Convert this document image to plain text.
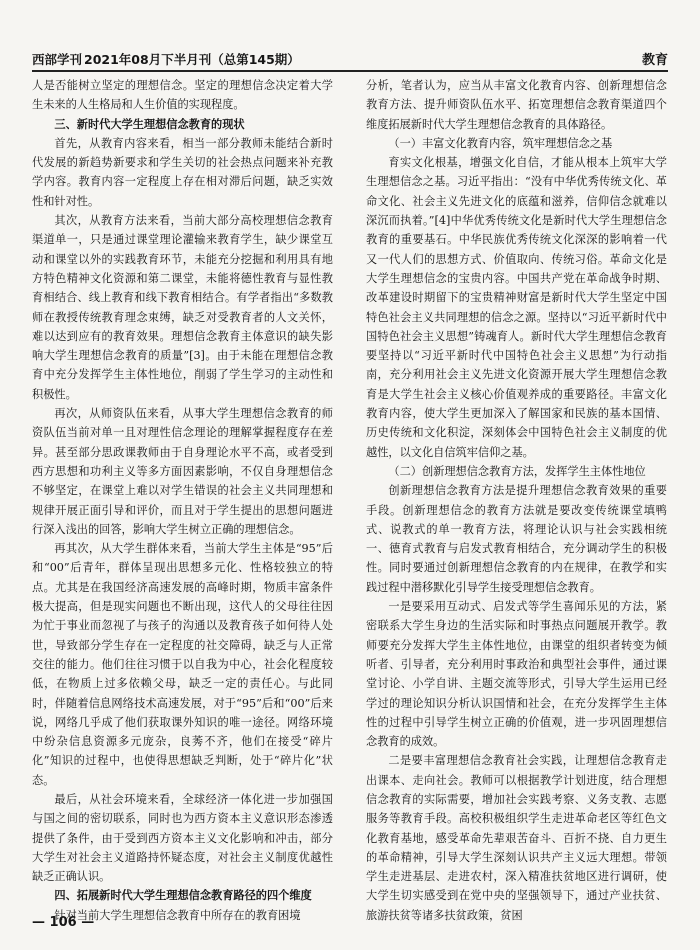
西部学刊 2021年08月下半月刊（总第145期）	教育

人是否能树立坚定的理想信念。坚定的理想信念决定着大学生未来的人生格局和人生价值的实现程度。

三、新时代大学生理想信念教育的现状

首先，从教育内容来看，相当一部分教师未能结合新时代发展的新趋势新要求和学生关切的社会热点问题来补充教学内容。教育内容一定程度上存在相对滞后问题，缺乏实效性和针对性。

其次，从教育方法来看，当前大部分高校理想信念教育渠道单一，只是通过课堂理论灌输来教育学生，缺少课堂互动和课堂以外的实践教育环节，未能充分挖掘和利用具有地方特色精神文化资源和第二课堂，未能将德性教育与显性教育相结合、线上教育和线下教育相结合。有学者指出“多数教师在教授传统教育理念束缚，缺乏对受教育者的人文关怀，难以达到应有的教育效果。理想信念教育主体意识的缺失影响大学生理想信念教育的质量”[3]。由于未能在理想信念教育中充分发挥学生主体性地位，削弱了学生学习的主动性和积极性。

再次，从师资队伍来看，从事大学生理想信念教育的师资队伍当前对单一且对理性信念理论的理解掌握程度存在差异。甚至部分思政课教师由于自身理论水平不高，或者受到西方思想和功利主义等多方面因素影响，不仅自身理想信念不够坚定，在课堂上难以对学生错误的社会主义共同理想和规律开展正面引导和评价，而且对于学生提出的思想问题进行深入浅出的回答，影响大学生树立正确的理想信念。

再其次，从大学生群体来看，当前大学生主体是“95”后和“00”后青年，群体呈现出思想多元化、性格较独立的特点。尤其是在我国经济高速发展的高峰时期，物质丰富条件极大提高，但是现实问题也不断出现，这代人的父母往往因为忙于事业而忽视了与孩子的沟通以及教育孩子如何待人处世，导致部分学生存在一定程度的社交障碍，缺乏与人正常交往的能力。他们往往习惯于以自我为中心，社会化程度较低，在物质上过多依赖父母，缺乏一定的责任心。与此同时，伴随着信息网络技术高速发展，对于“95”后和“00”后来说，网络几乎成了他们获取课外知识的唯一途径。网络环境中纷杂信息资源多元庞杂，良莠不齐，他们在接受“碎片化”知识的过程中，也使得思想缺乏判断，处于“碎片化”状态。

最后，从社会环境来看，全球经济一体化进一步加强国与国之间的密切联系，同时也为西方资本主义意识形态渗透提供了条件，由于受到西方资本主义文化影响和冲击，部分大学生对社会主义道路持怀疑态度，对社会主义制度优越性缺乏正确认识。

四、拓展新时代大学生理想信念教育路径的四个维度

针对当前大学生理想信念教育中所存在的教育困境

分析，笔者认为，应当从丰富文化教育内容、创新理想信念教育方法、提升师资队伍水平、拓宽理想信念教育渠道四个维度拓展新时代大学生理想信念教育的具体路径。

（一）丰富文化教育内容，筑牢理想信念之基

育实文化根基，增强文化自信，才能从根本上筑牢大学生理想信念之基。习近平指出：“没有中华优秀传统文化、革命文化、社会主义先进文化的底蕴和滋养，信仰信念就难以深沉而执着。”[4]中华优秀传统文化是新时代大学生理想信念教育的重要基石。中华民族优秀传统文化深深的影响着一代又一代人们的思想方式、价值取向、传统习俗。革命文化是大学生理想信念的宝贵内容。中国共产党在革命战争时期、改革建设时期留下的宝贵精神财富是新时代大学生坚定中国特色社会主义共同理想的信念之源。坚持以“习近平新时代中国特色社会主义思想”铸魂育人。新时代大学生理想信念教育要坚持以“习近平新时代中国特色社会主义思想”为行动指南，充分利用社会主义先进文化资源开展大学生理想信念教育是大学生社会主义核心价值观养成的重要路径。丰富文化教育内容，使大学生更加深入了解国家和民族的基本国情、历史传统和文化积淀，深刻体会中国特色社会主义制度的优越性，以文化自信筑牢信仰之基。

（二）创新理想信念教育方法，发挥学生主体性地位

创新理想信念教育方法是提升理想信念教育效果的重要手段。创新理想信念的教育方法就是要改变传统课堂填鸭式、说教式的单一教育方法，将理论认识与社会实践相统一、德育式教育与启发式教育相结合，充分调动学生的积极性。同时要通过创新理想信念教育的内在规律，在教学和实践过程中潜移默化引导学生接受理想信念教育。

一是要采用互动式、启发式等学生喜闻乐见的方法，紧密联系大学生身边的生活实际和时事热点问题展开教学。教师要充分发挥大学生主体性地位，由课堂的组织者转变为倾听者、引导者，充分利用时事政治和典型社会事件，通过课堂讨论、小学自讲、主题交流等形式，引导大学生运用已经学过的理论知识分析认识国情和社会，在充分发挥学生主体性的过程中引导学生树立正确的价值观，进一步巩固理想信念教育的成效。

二是要丰富理想信念教育社会实践，让理想信念教育走出课本、走向社会。教师可以根据教学计划进度，结合理想信念教育的实际需要，增加社会实践考察、义务支教、志愿服务等教育手段。高校积极组织学生走进革命老区等红色文化教育基地，感受革命先辈艰苦奋斗、百折不挠、自力更生的革命精神，引导大学生深刻认识共产主义远大理想。带领学生走进基层、走进农村，深入精准扶贫地区进行调研，使大学生切实感受到在党中央的坚强领导下，通过产业扶贫、旅游扶贫等诸多扶贫政策，贫困

— 106 —
